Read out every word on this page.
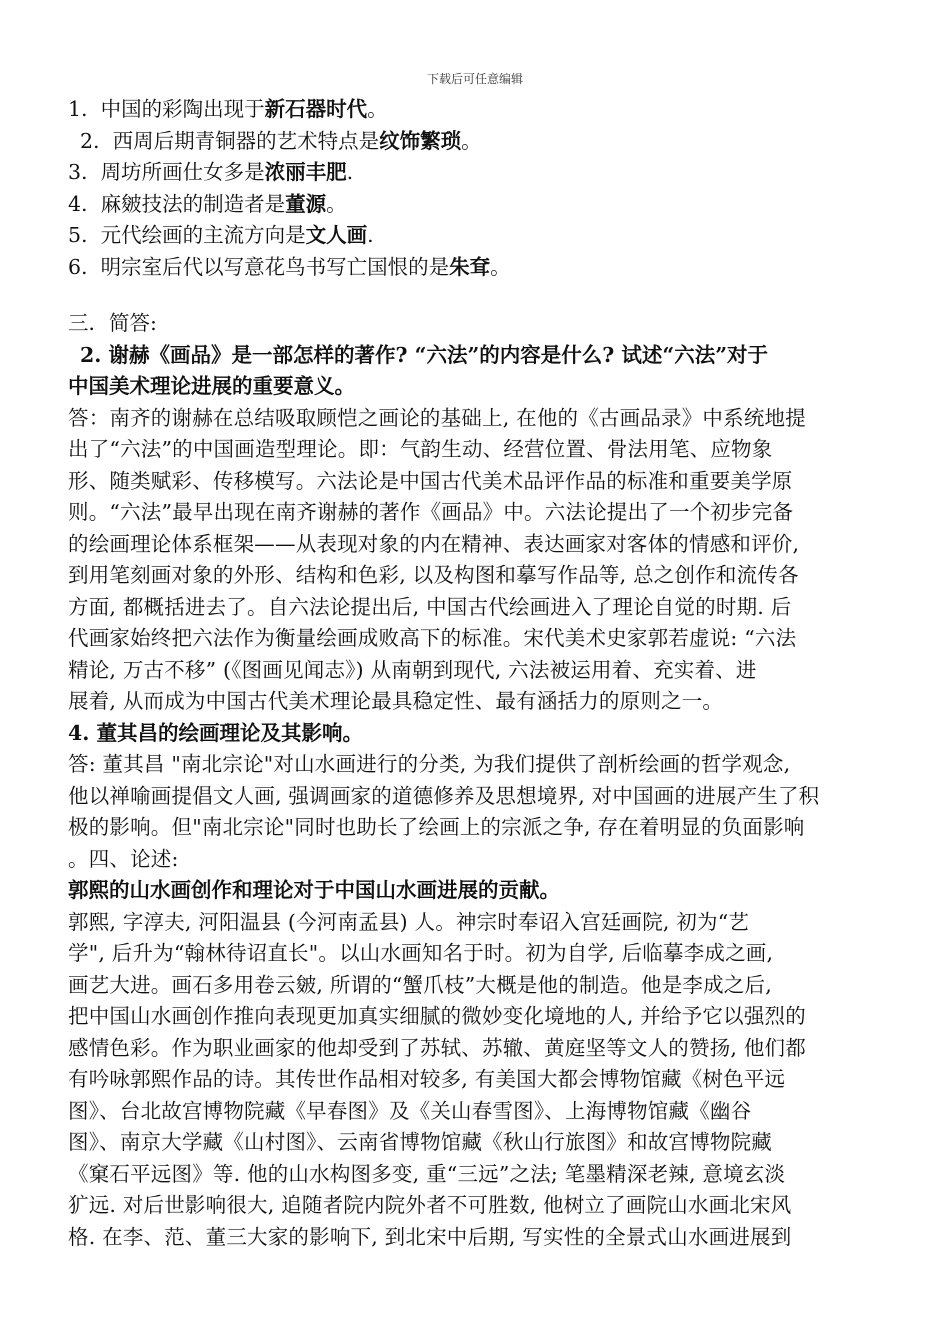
下载后可任意编辑
1. 中国的彩陶出现于新石器时代。
2. 西周后期青铜器的艺术特点是纹饰繁琐。
3. 周坊所画仕女多是浓丽丰肥.
4. 麻皴技法的制造者是董源。
5. 元代绘画的主流方向是文人画.
6. 明宗室后代以写意花鸟书写亡国恨的是朱耷。
三．简答:
2. 谢赫《画品》是一部怎样的著作? “六法”的内容是什么? 试述“六法”对于
中国美术理论进展的重要意义。
答：南齐的谢赫在总结吸取顾恺之画论的基础上, 在他的《古画品录》中系统地提
出了“六法”的中国画造型理论。即：气韵生动、经营位置、骨法用笔、应物象
形、随类赋彩、传移模写。六法论是中国古代美术品评作品的标准和重要美学原
则。“六法”最早出现在南齐谢赫的著作《画品》中。六法论提出了一个初步完备
的绘画理论体系框架——从表现对象的内在精神、表达画家对客体的情感和评价,
到用笔刻画对象的外形、结构和色彩, 以及构图和摹写作品等, 总之创作和流传各
方面, 都概括进去了。自六法论提出后, 中国古代绘画进入了理论自觉的时期. 后
代画家始终把六法作为衡量绘画成败高下的标准。宋代美术史家郭若虚说: “六法
精论, 万古不移” (《图画见闻志》) 从南朝到现代, 六法被运用着、充实着、进
展着, 从而成为中国古代美术理论最具稳定性、最有涵括力的原则之一。
4. 董其昌的绘画理论及其影响。
答: 董其昌 "南北宗论"对山水画进行的分类, 为我们提供了剖析绘画的哲学观念,
他以禅喻画提倡文人画, 强调画家的道德修养及思想境界, 对中国画的进展产生了积
极的影响。但"南北宗论"同时也助长了绘画上的宗派之争, 存在着明显的负面影响
。四、论述:
郭熙的山水画创作和理论对于中国山水画进展的贡献。
郭熙, 字淳夫, 河阳温县 (今河南孟县) 人。神宗时奉诏入宫廷画院, 初为“艺
学", 后升为“翰林待诏直长"。以山水画知名于时。初为自学, 后临摹李成之画,
画艺大进。画石多用卷云皴, 所谓的“蟹爪枝”大概是他的制造。他是李成之后,
把中国山水画创作推向表现更加真实细腻的微妙变化境地的人, 并给予它以强烈的
感情色彩。作为职业画家的他却受到了苏轼、苏辙、黄庭坚等文人的赞扬, 他们都
有吟咏郭熙作品的诗。其传世作品相对较多, 有美国大都会博物馆藏《树色平远
图》、台北故宫博物院藏《早春图》及《关山春雪图》、上海博物馆藏《幽谷
图》、南京大学藏《山村图》、云南省博物馆藏《秋山行旅图》和故宫博物院藏
《窠石平远图》等. 他的山水构图多变, 重“三远”之法; 笔墨精深老辣, 意境玄淡
犷远. 对后世影响很大, 追随者院内院外者不可胜数, 他树立了画院山水画北宋风
格. 在李、范、董三大家的影响下, 到北宋中后期, 写实性的全景式山水画进展到
